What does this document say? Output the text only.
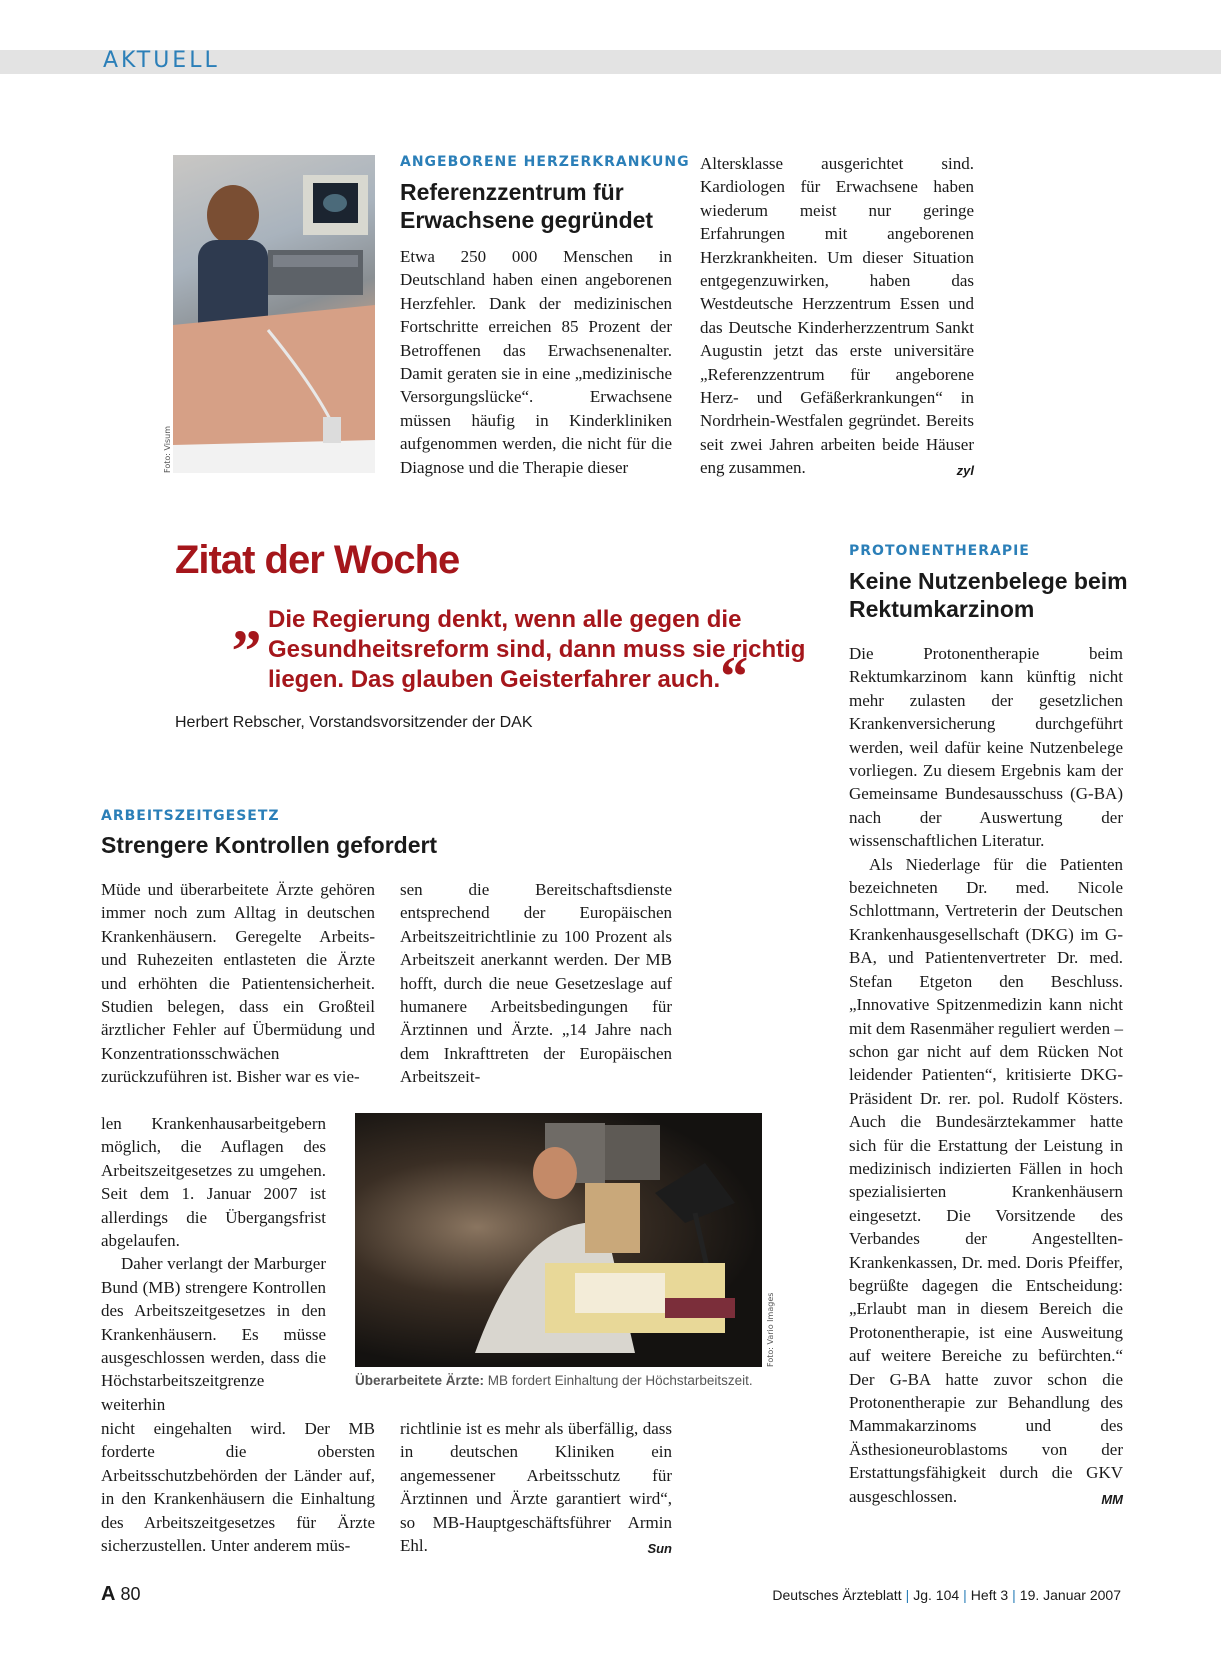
AKTUELL
Foto: Visum
ANGEBORENE HERZERKRANKUNG
Referenzzentrum für Erwachsene gegründet

Etwa 250 000 Menschen in Deutschland haben einen angeborenen Herzfehler. Dank der medizinischen Fortschritte erreichen 85 Prozent der Betroffenen das Erwachsenenalter. Damit geraten sie in eine „medizinische Versorgungslücke“. Erwachsene müssen häufig in Kinderkliniken aufgenommen werden, die nicht für die Diagnose und die Therapie dieser

Altersklasse ausgerichtet sind. Kardiologen für Erwachsene haben wiederum meist nur geringe Erfahrungen mit angeborenen Herzkrankheiten. Um dieser Situation entgegenzuwirken, haben das Westdeutsche Herzzentrum Essen und das Deutsche Kinderherzzentrum Sankt Augustin jetzt das erste universitäre „Referenzzentrum für angeborene Herz- und Gefäßerkrankungen“ in Nordrhein-Westfalen gegründet. Bereits seit zwei Jahren arbeiten beide Häuser eng zusammen.	zyl

Zitat der Woche
„ Die Regierung denkt, wenn alle gegen die Gesundheitsreform sind, dann muss sie richtig liegen. Das glauben Geisterfahrer auch.“
Herbert Rebscher, Vorstandsvorsitzender der DAK
ARBEITSZEITGESETZ
Strengere Kontrollen gefordert

Müde und überarbeitete Ärzte gehören immer noch zum Alltag in deutschen Krankenhäusern. Geregelte Arbeits- und Ruhezeiten entlasteten die Ärzte und erhöhten die Patientensicherheit. Studien belegen, dass ein Großteil ärztlicher Fehler auf Übermüdung und Konzentrationsschwächen zurückzuführen ist. Bisher war es vie-

len Krankenhausarbeitgebern möglich, die Auflagen des Arbeitszeitgesetzes zu umgehen. Seit dem 1. Januar 2007 ist allerdings die Übergangsfrist abgelaufen.

Daher verlangt der Marburger Bund (MB) strengere Kontrollen des Arbeitszeitgesetzes in den Krankenhäusern. Es müsse ausgeschlossen werden, dass die Höchstarbeitszeitgrenze weiterhin

nicht eingehalten wird. Der MB forderte die obersten Arbeitsschutzbehörden der Länder auf, in den Krankenhäusern die Einhaltung des Arbeitszeitgesetzes für Ärzte sicherzustellen. Unter anderem müs-

sen die Bereitschaftsdienste entsprechend der Europäischen Arbeitszeitrichtlinie zu 100 Prozent als Arbeitszeit anerkannt werden. Der MB hofft, durch die neue Gesetzeslage auf humanere Arbeitsbedingungen für Ärztinnen und Ärzte. „14 Jahre nach dem Inkrafttreten der Europäischen Arbeitszeit-

Foto: Vario Images
Überarbeitete Ärzte: MB fordert Einhaltung der Höchstarbeitszeit.

richtlinie ist es mehr als überfällig, dass in deutschen Kliniken ein angemessener Arbeitsschutz für Ärztinnen und Ärzte garantiert wird“, so MB-Hauptgeschäftsführer Armin Ehl.	Sun

PROTONENTHERAPIE
Keine Nutzenbelege beim Rektumkarzinom

Die Protonentherapie beim Rektumkarzinom kann künftig nicht mehr zulasten der gesetzlichen Krankenversicherung durchgeführt werden, weil dafür keine Nutzenbelege vorliegen. Zu diesem Ergebnis kam der Gemeinsame Bundesausschuss (G-BA) nach der Auswertung der wissenschaftlichen Literatur.

Als Niederlage für die Patienten bezeichneten Dr. med. Nicole Schlottmann, Vertreterin der Deutschen Krankenhausgesellschaft (DKG) im G-BA, und Patientenvertreter Dr. med. Stefan Etgeton den Beschluss. „Innovative Spitzenmedizin kann nicht mit dem Rasenmäher reguliert werden – schon gar nicht auf dem Rücken Not leidender Patienten“, kritisierte DKG-Präsident Dr. rer. pol. Rudolf Kösters. Auch die Bundesärztekammer hatte sich für die Erstattung der Leistung in medizinisch indizierten Fällen in hoch spezialisierten Krankenhäusern eingesetzt. Die Vorsitzende des Verbandes der Angestellten-Krankenkassen, Dr. med. Doris Pfeiffer, begrüßte dagegen die Entscheidung: „Erlaubt man in diesem Bereich die Protonentherapie, ist eine Ausweitung auf weitere Bereiche zu befürchten.“ Der G-BA hatte zuvor schon die Protonentherapie zur Behandlung des Mammakarzinoms und des Ästhesioneuroblastoms von der Erstattungsfähigkeit durch die GKV ausgeschlossen.	MM

A 80	Deutsches Ärzteblatt | Jg. 104 | Heft 3 | 19. Januar 2007
